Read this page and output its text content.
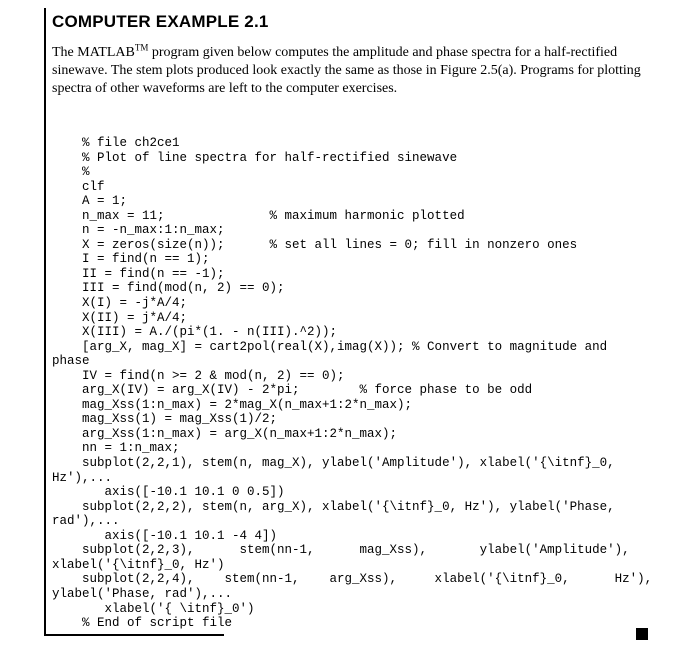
COMPUTER EXAMPLE 2.1

The MATLAB™ program given below computes the amplitude and phase spectra for a half-rectified sinewave. The stem plots produced look exactly the same as those in Figure 2.5(a). Programs for plotting spectra of other waveforms are left to the computer exercises.

% file ch2ce1
% Plot of line spectra for half-rectified sinewave
%
clf
A = 1;
n_max = 11;              % maximum harmonic plotted
n = -n_max:1:n_max;
X = zeros(size(n));      % set all lines = 0; fill in nonzero ones
I = find(n == 1);
II = find(n == -1);
III = find(mod(n, 2) == 0);
X(I) = -j*A/4;
X(II) = j*A/4;
X(III) = A./(pi*(1. - n(III).^2));
[arg_X, mag_X] = cart2pol(real(X),imag(X)); % Convert to magnitude and
phase
IV = find(n >= 2 & mod(n, 2) == 0);
arg_X(IV) = arg_X(IV) - 2*pi;        % force phase to be odd
mag_Xss(1:n_max) = 2*mag_X(n_max+1:2*n_max);
mag_Xss(1) = mag_Xss(1)/2;
arg_Xss(1:n_max) = arg_X(n_max+1:2*n_max);
nn = 1:n_max;
subplot(2,2,1), stem(n, mag_X), ylabel('Amplitude'), xlabel('{\itnf}_0,
Hz'),...
axis([-10.1 10.1 0 0.5])
subplot(2,2,2), stem(n, arg_X), xlabel('{\itnf}_0, Hz'), ylabel('Phase,
rad'),...
axis([-10.1 10.1 -4 4])
subplot(2,2,3),      stem(nn-1,      mag_Xss),       ylabel('Amplitude'),
xlabel('{\itnf}_0, Hz')
subplot(2,2,4),    stem(nn-1,    arg_Xss),     xlabel('{\itnf}_0,      Hz'),
ylabel('Phase, rad'),...
xlabel('{ \itnf}_0')
% End of script file
